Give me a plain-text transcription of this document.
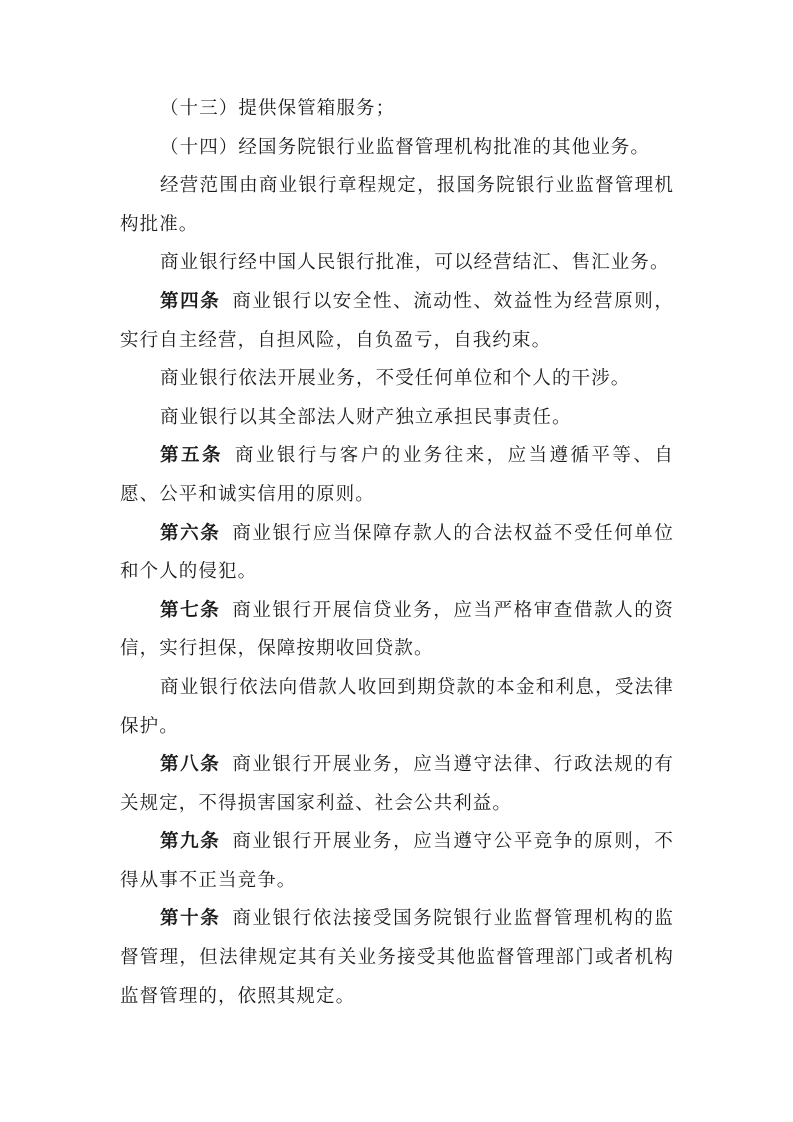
（十三）提供保管箱服务；

（十四）经国务院银行业监督管理机构批准的其他业务。

经营范围由商业银行章程规定，报国务院银行业监督管理机构批准。

商业银行经中国人民银行批准，可以经营结汇、售汇业务。

第四条 商业银行以安全性、流动性、效益性为经营原则，实行自主经营，自担风险，自负盈亏，自我约束。

商业银行依法开展业务，不受任何单位和个人的干涉。

商业银行以其全部法人财产独立承担民事责任。

第五条 商业银行与客户的业务往来，应当遵循平等、自愿、公平和诚实信用的原则。

第六条 商业银行应当保障存款人的合法权益不受任何单位和个人的侵犯。

第七条 商业银行开展信贷业务，应当严格审查借款人的资信，实行担保，保障按期收回贷款。

商业银行依法向借款人收回到期贷款的本金和利息，受法律保护。

第八条 商业银行开展业务，应当遵守法律、行政法规的有关规定，不得损害国家利益、社会公共利益。

第九条 商业银行开展业务，应当遵守公平竞争的原则，不得从事不正当竞争。

第十条 商业银行依法接受国务院银行业监督管理机构的监督管理，但法律规定其有关业务接受其他监督管理部门或者机构监督管理的，依照其规定。
